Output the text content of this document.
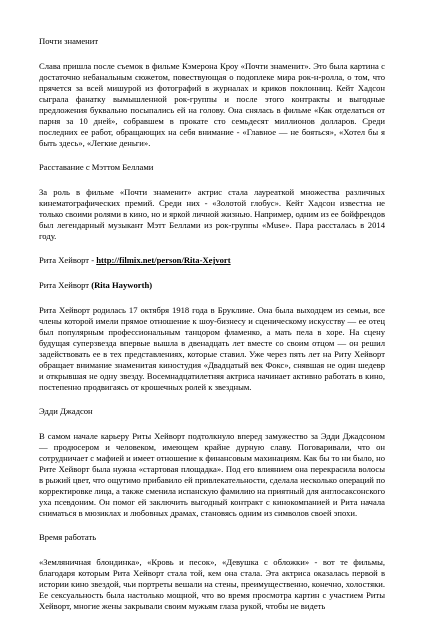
Почти знаменит
Слава пришла после съемок в фильме Кэмерона Кроу «Почти знаменит». Это была картина с достаточно небанальным сюжетом, повествующая о подоплеке мира рок-н-ролла, о том, что прячется за всей мишурой из фотографий в журналах и криков поклонниц. Кейт Хадсон сыграла фанатку вымышленной рок-группы и после этого контракты и выгодные предложения буквально посыпались ей на голову. Она снялась в фильме «Как отделаться от парня за 10 дней», собравшем в прокате сто семьдесят миллионов долларов. Среди последних ее работ, обращающих на себя внимание - «Главное — не бояться», «Хотел бы я быть здесь», «Легкие деньги».
Расставание с Мэттом Беллами
За роль в фильме «Почти знаменит» актрис стала лауреаткой множества различных кинематографических премий. Среди них - «Золотой глобус». Кейт Хадсон известна не только своими ролями в кино, но и яркой личной жизнью. Например, одним из ее бойфрендов был легендарный музыкант Мэтт Беллами из рок-группы «Muse». Пара рассталась в 2014 году.
Рита Хейворт - http://filmix.net/person/Rita-Xejvort
Рита Хейворт (Rita Hayworth)
Рита Хейворт родилась 17 октября 1918 года в Бруклине. Она была выходцем из семьи, все члены которой имели прямое отношение к шоу-бизнесу и сценическому искусству — ее отец был популярным профессиональным танцором фламенко, а мать пела в хоре. На сцену будущая суперзвезда впервые вышла в двенадцать лет вместе со своим отцом — он решил задействовать ее в тех представлениях, которые ставил. Уже через пять лет на Риту Хейворт обращает внимание знаменитая киностудия «Двадцатый век Фокс», снявшая не один шедевр и открывшая не одну звезду. Восемнадцатилетняя актриса начинает активно работать в кино, постепенно продвигаясь от крошечных ролей к звездным.
Эдди Джадсон
В самом начале карьеру Риты Хейворт подтолкнуло вперед замужество за Эдди Джадсоном — продюсером и человеком, имеющем крайне дурную славу. Поговаривали, что он сотрудничает с мафией и имеет отношение к финансовым махинациям. Как бы то ни было, но Рите Хейворт была нужна «стартовая площадка». Под его влиянием она перекрасила волосы в рыжий цвет, что ощутимо прибавило ей привлекательности, сделала несколько операций по корректировке лица, а также сменила испанскую фамилию на приятный для англосаксонского уха псевдоним. Он помог ей заключить выгодный контракт с кинокомпанией и Рита начала сниматься в мюзиклах и любовных драмах, становясь одним из символов своей эпохи.
Время работать
«Земляничная блондинка», «Кровь и песок», «Девушка с обложки» - вот те фильмы, благодаря которым Рита Хейворт стала той, кем она стала. Эта актриса оказалась первой в истории кино звездой, чьи портреты вешали на стены, преимущественно, конечно, холостяки. Ее сексуальность была настолько мощной, что во время просмотра картин с участием Риты Хейворт, многие жены закрывали своим мужьям глаза рукой, чтобы не видеть
